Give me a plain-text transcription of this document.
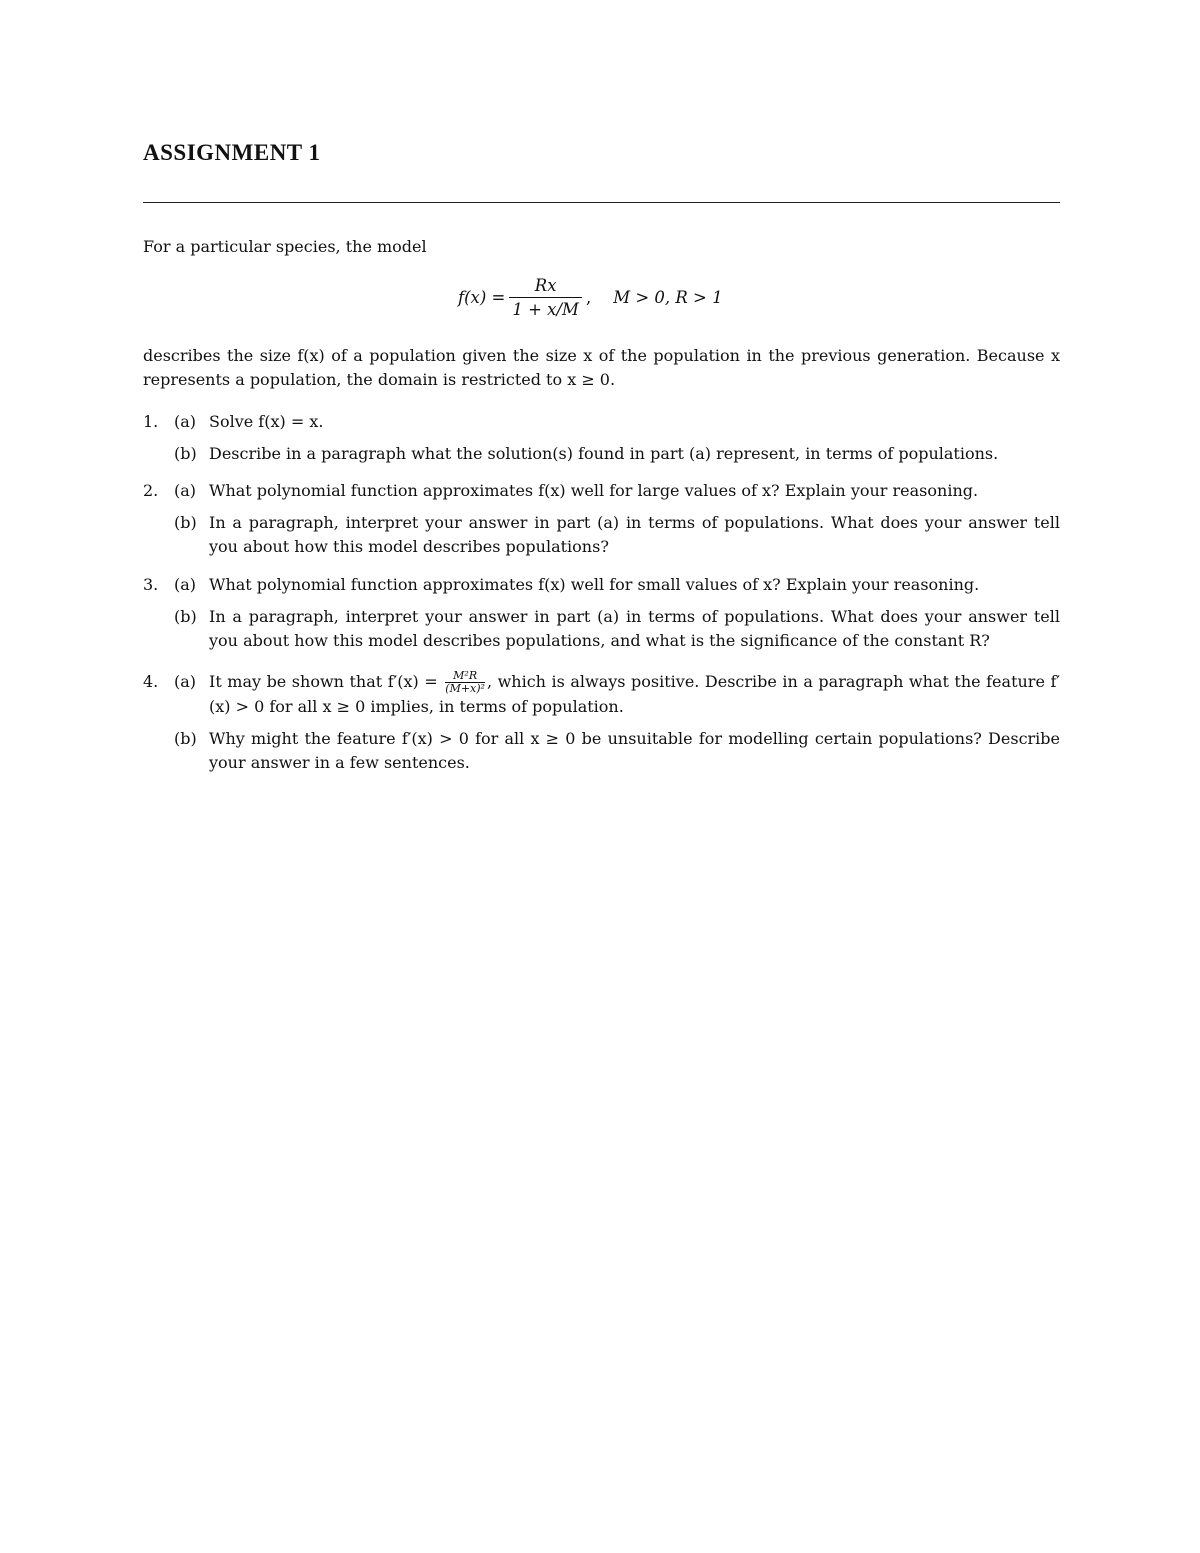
ASSIGNMENT 1
For a particular species, the model
$f(x) = \frac{Rx}{1 + x/M}$ , M > 0, R > 1
describes the size f(x) of a population given the size x of the population in the previous generation. Because x represents a population, the domain is restricted to x ≥ 0.
1. (a) Solve f(x) = x.
(b) Describe in a paragraph what the solution(s) found in part (a) represent, in terms of populations.
2. (a) What polynomial function approximates f(x) well for large values of x? Explain your reasoning.
(b) In a paragraph, interpret your answer in part (a) in terms of populations. What does your answer tell you about how this model describes populations?
3. (a) What polynomial function approximates f(x) well for small values of x? Explain your reasoning.
(b) In a paragraph, interpret your answer in part (a) in terms of populations. What does your answer tell you about how this model describes populations, and what is the significance of the constant R?
4. (a) It may be shown that $f'(x) = \frac{\text{M²R}}{\text{(M+x)²}}$ , which is always positive. Describe in a paragraph what the feature f′(x) > 0 for all x ≥ 0 implies, in terms of population.
(b) Why might the feature f′(x) > 0 for all x ≥ 0 be unsuitable for modelling certain populations? Describe your answer in a few sentences.
